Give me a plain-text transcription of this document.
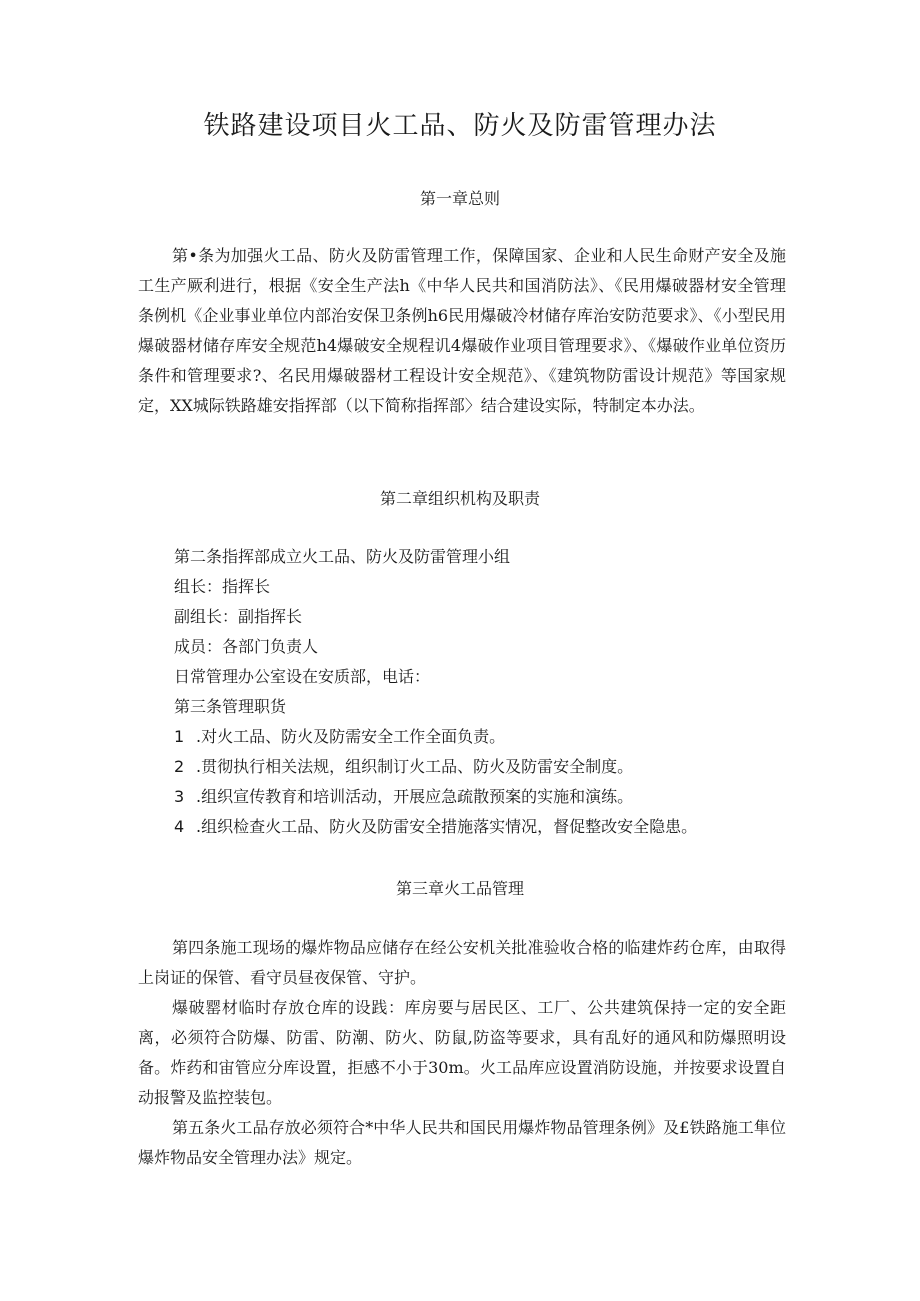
铁路建设项目火工品、防火及防雷管理办法
第一章总则

第•条为加强火工品、防火及防雷管理工作，保障国家、企业和人民生命财产安全及施工生产厥利进行，根据《安全生产法h《中华人民共和国消防法》、《民用爆破器材安全管理条例机《企业事业单位内部治安保卫条例h6民用爆破冷材储存库治安防范要求》、《小型民用爆破器材储存库安全规范h4爆破安全规程讥4爆破作业项目管理要求》、《爆破作业单位资历条件和管理要求?、名民用爆破器材工程设计安全规范》、《建筑物防雷设计规范》等国家规定，XX城际铁路雄安指挥部（以下简称指挥部〉结合建设实际，特制定本办法。

第二章组织机构及职责

第二条指挥部成立火工品、防火及防雷管理小组

组长：指挥长

副组长：副指挥长

成员：各部门负责人

日常管理办公室设在安质部，电话：

第三条管理职货

1 .对火工品、防火及防需安全工作全面负责。

2 .贯彻执行相关法规，组织制订火工品、防火及防雷安全制度。

3 .组织宣传教育和培训活动，开展应急疏散预案的实施和演练。

4 .组织检查火工品、防火及防雷安全措施落实情况，督促整改安全隐患。

第三章火工品管理

第四条施工现场的爆炸物品应储存在经公安机关批准验收合格的临建炸药仓库，由取得上岗证的保管、看守员昼夜保管、守护。

爆破罂材临时存放仓库的设践：库房要与居民区、工厂、公共建筑保持一定的安全距离，必须符合防爆、防雷、防潮、防火、防鼠,防盗等要求，具有乱好的通风和防爆照明设备。炸药和宙管应分库设置，拒感不小于30m。火工品库应设置消防设施，并按要求设置自动报警及监控装包。

第五条火工品存放必须符合*中华人民共和国民用爆炸物品管理条例》及£铁路施工隼位爆炸物品安全管理办法》规定。
